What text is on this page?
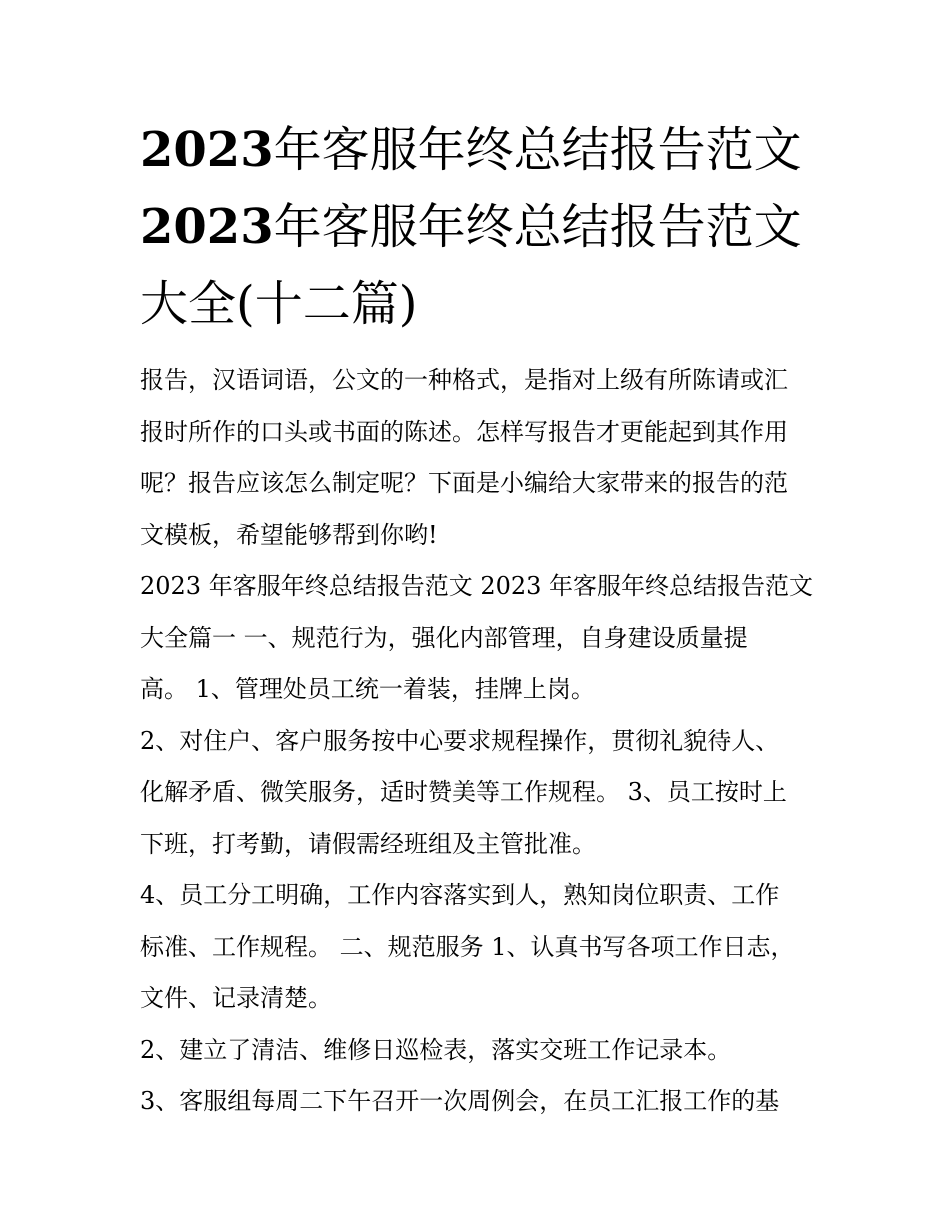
2023年客服年终总结报告范文
2023年客服年终总结报告范文
大全(十二篇)
报告，汉语词语，公文的一种格式，是指对上级有所陈请或汇
报时所作的口头或书面的陈述。怎样写报告才更能起到其作用
呢？报告应该怎么制定呢？下面是小编给大家带来的报告的范
文模板，希望能够帮到你哟!
2023 年客服年终总结报告范文 2023 年客服年终总结报告范文
大全篇一 一、规范行为，强化内部管理，自身建设质量提
高。 1、管理处员工统一着装，挂牌上岗。
2、对住户、客户服务按中心要求规程操作，贯彻礼貌待人、
化解矛盾、微笑服务，适时赞美等工作规程。 3、员工按时上
下班，打考勤，请假需经班组及主管批准。
4、员工分工明确，工作内容落实到人，熟知岗位职责、工作
标准、工作规程。 二、规范服务 1、认真书写各项工作日志，
文件、记录清楚。
2、建立了清洁、维修日巡检表，落实交班工作记录本。
3、客服组每周二下午召开一次周例会，在员工汇报工作的基
